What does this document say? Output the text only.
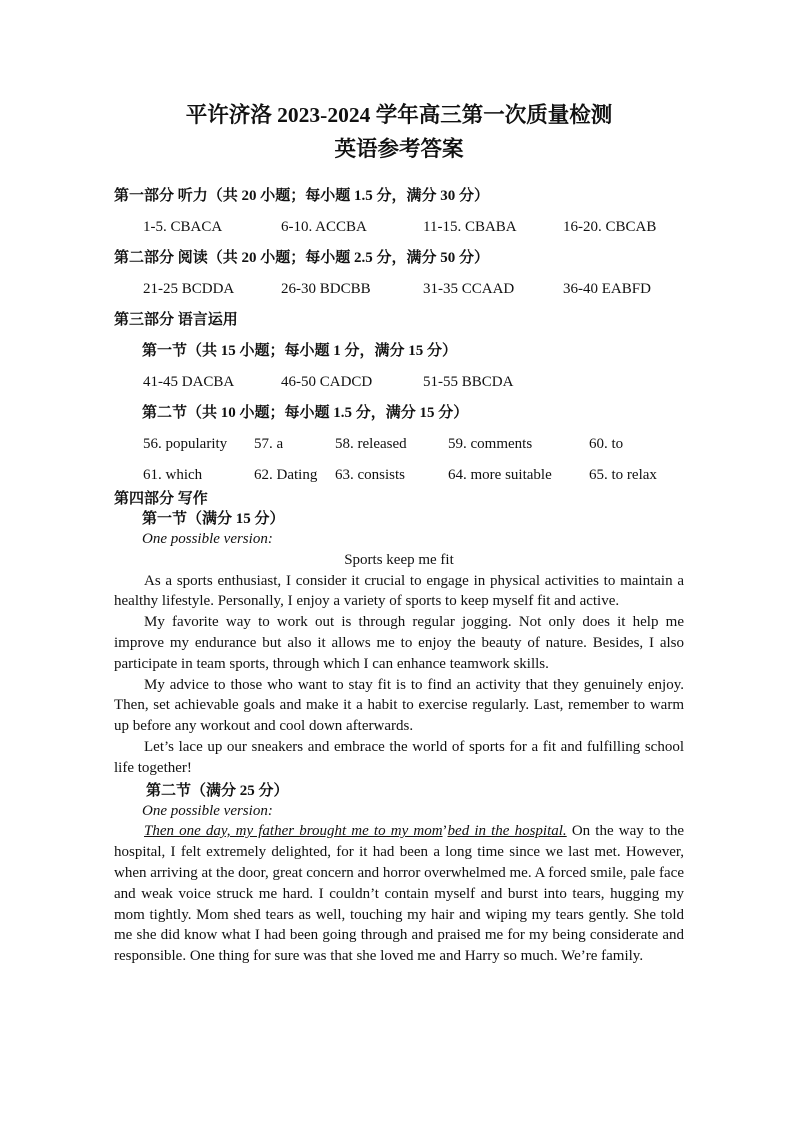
平许济洛 2023-2024 学年高三第一次质量检测

英语参考答案

第一部分 听力（共 20 小题；每小题 1.5 分，满分 30 分）

1-5. CBACA	6-10. ACCBA	11-15. CBABA	16-20. CBCAB

第二部分 阅读（共 20 小题；每小题 2.5 分，满分 50 分）

21-25 BCDDA	26-30 BDCBB	31-35 CCAAD	36-40 EABFD

第三部分 语言运用

第一节（共 15 小题；每小题 1 分，满分 15 分）

41-45 DACBA	46-50 CADCD	51-55 BBCDA

第二节（共 10 小题；每小题 1.5 分，满分 15 分）

56. popularity	57. a	58. released	59. comments	60. to
61. which	62. Dating	63. consists	64. more suitable	65. to relax

第四部分 写作

第一节（满分 15 分）

One possible version:

Sports keep me fit

As a sports enthusiast, I consider it crucial to engage in physical activities to maintain a healthy lifestyle. Personally, I enjoy a variety of sports to keep myself fit and active.

My favorite way to work out is through regular jogging. Not only does it help me improve my endurance but also it allows me to enjoy the beauty of nature. Besides, I also participate in team sports, through which I can enhance teamwork skills.

My advice to those who want to stay fit is to find an activity that they genuinely enjoy. Then, set achievable goals and make it a habit to exercise regularly. Last, remember to warm up before any workout and cool down afterwards.

Let’s lace up our sneakers and embrace the world of sports for a fit and fulfilling school life together!

第二节（满分 25 分）

One possible version:

Then one day, my father brought me to my mom’bed in the hospital. On the way to the hospital, I felt extremely delighted, for it had been a long time since we last met. However, when arriving at the door, great concern and horror overwhelmed me. A forced smile, pale face and weak voice struck me hard. I couldn’t contain myself and burst into tears, hugging my mom tightly. Mom shed tears as well, touching my hair and wiping my tears gently. She told me she did know what I had been going through and praised me for my being considerate and responsible. One thing for sure was that she loved me and Harry so much. We’re family.
